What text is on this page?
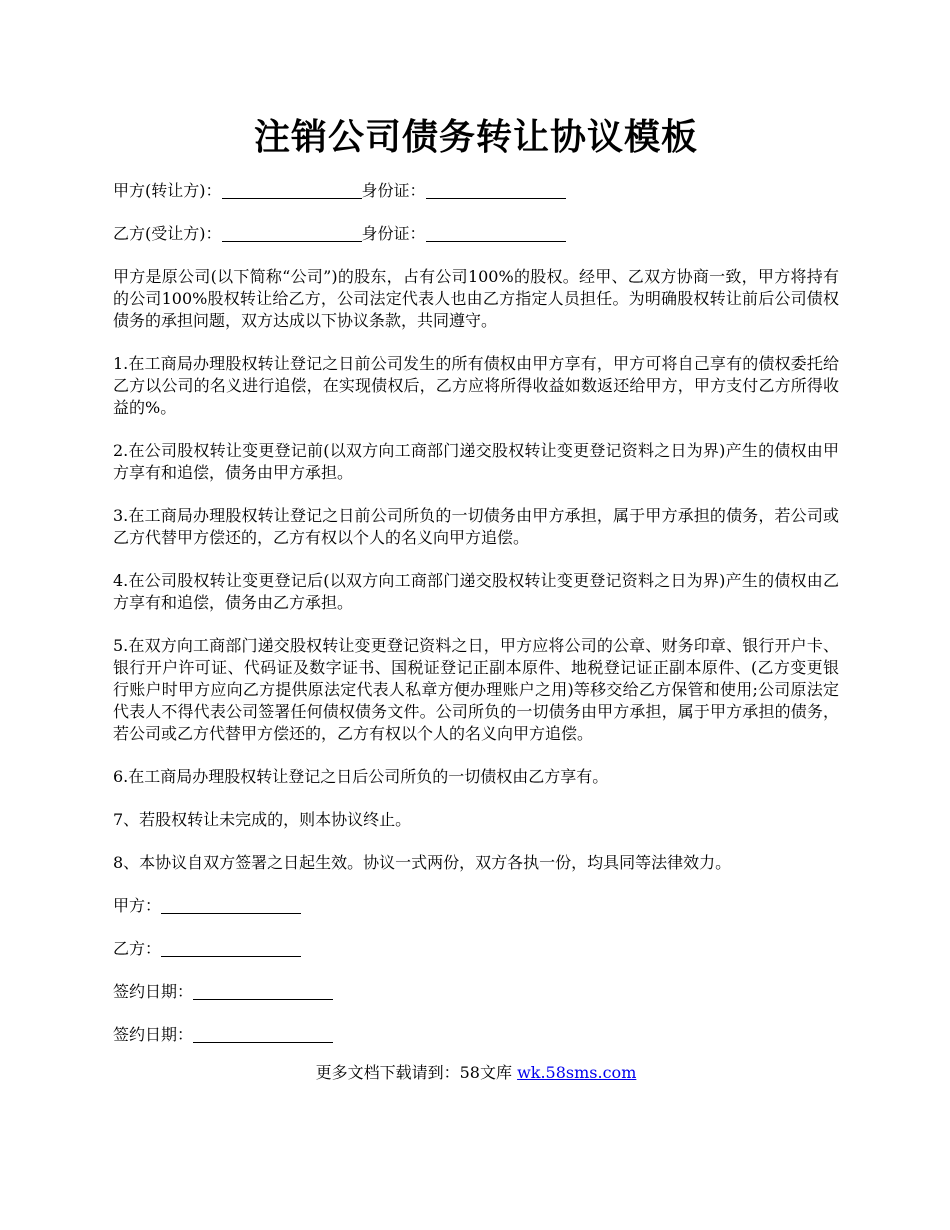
注销公司债务转让协议模板
甲方(转让方)：	身份证：
乙方(受让方)：	身份证：

甲方是原公司(以下简称“公司”)的股东，占有公司100%的股权。经甲、乙双方协商一致，甲方将持有的公司100%股权转让给乙方，公司法定代表人也由乙方指定人员担任。为明确股权转让前后公司债权债务的承担问题，双方达成以下协议条款，共同遵守。

1.在工商局办理股权转让登记之日前公司发生的所有债权由甲方享有，甲方可将自己享有的债权委托给乙方以公司的名义进行追偿，在实现债权后，乙方应将所得收益如数返还给甲方，甲方支付乙方所得收益的%。

2.在公司股权转让变更登记前(以双方向工商部门递交股权转让变更登记资料之日为界)产生的债权由甲方享有和追偿，债务由甲方承担。

3.在工商局办理股权转让登记之日前公司所负的一切债务由甲方承担，属于甲方承担的债务，若公司或乙方代替甲方偿还的，乙方有权以个人的名义向甲方追偿。

4.在公司股权转让变更登记后(以双方向工商部门递交股权转让变更登记资料之日为界)产生的债权由乙方享有和追偿，债务由乙方承担。

5.在双方向工商部门递交股权转让变更登记资料之日，甲方应将公司的公章、财务印章、银行开户卡、银行开户许可证、代码证及数字证书、国税证登记正副本原件、地税登记证正副本原件、(乙方变更银行账户时甲方应向乙方提供原法定代表人私章方便办理账户之用)等移交给乙方保管和使用;公司原法定代表人不得代表公司签署任何债权债务文件。公司所负的一切债务由甲方承担，属于甲方承担的债务，若公司或乙方代替甲方偿还的，乙方有权以个人的名义向甲方追偿。

6.在工商局办理股权转让登记之日后公司所负的一切债权由乙方享有。

7、若股权转让未完成的，则本协议终止。

8、本协议自双方签署之日起生效。协议一式两份，双方各执一份，均具同等法律效力。

甲方：
乙方：
签约日期：
签约日期：
更多文档下载请到：58文库 wk.58sms.com
